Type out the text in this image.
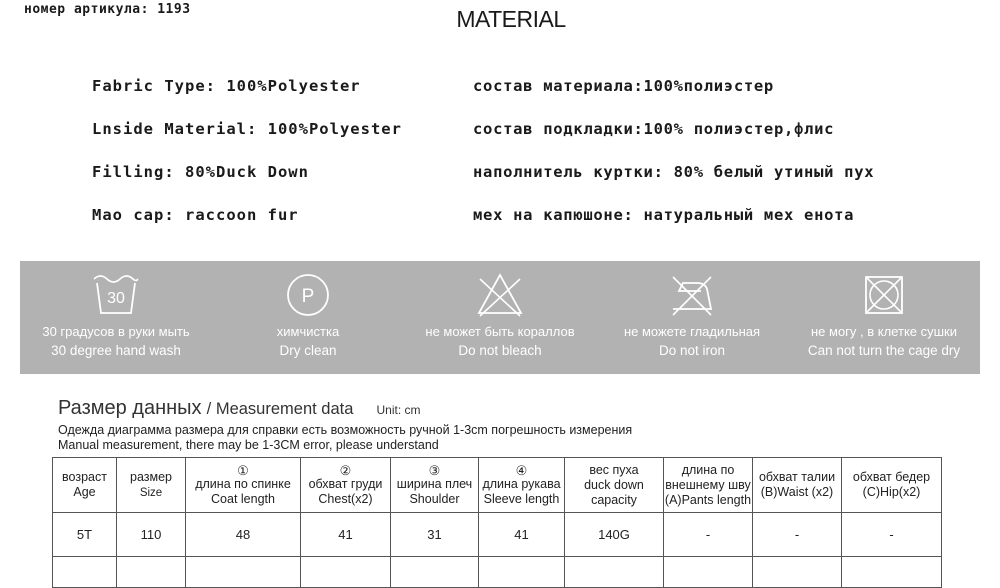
номер артикула: 1193	MATERIAL
Fabric Type: 100%Polyester	состав материала:100%полиэстер
Lnside Material: 100%Polyester	состав подкладки:100% полиэстер,флис
Filling: 80%Duck Down	наполнитель куртки: 80% белый утиный пух
Mao cap: raccoon fur	мех на капюшоне: натуральный мех енота
30
30 градусов в руки мыть
30 degree hand wash
P
химчистка
Dry clean
не может быть кораллов
Do not bleach
не можете гладильная
Do not iron
не могу , в клетке сушки
Can not turn the cage dry
Размер данных / Measurement data Unit: cm
Одежда диаграмма размера для справки есть возможность ручной 1-3cm погрешность измерения
Manual measurement, there may be 1-3CM error, please understand
возраст
Age	размер
Size	①
длина по спинке
Coat length	②
обхват груди
Chest(x2)	③
ширина плеч
Shoulder	④
длина рукава
Sleeve length	вес пуха
duck down
capacity	длина по
внешнему шву
(A)Pants length	обхват талии
(B)Waist (x2)	обхват бедер
(C)Hip(x2)
5T	110	48	41	31	41	140G	-	-	-
